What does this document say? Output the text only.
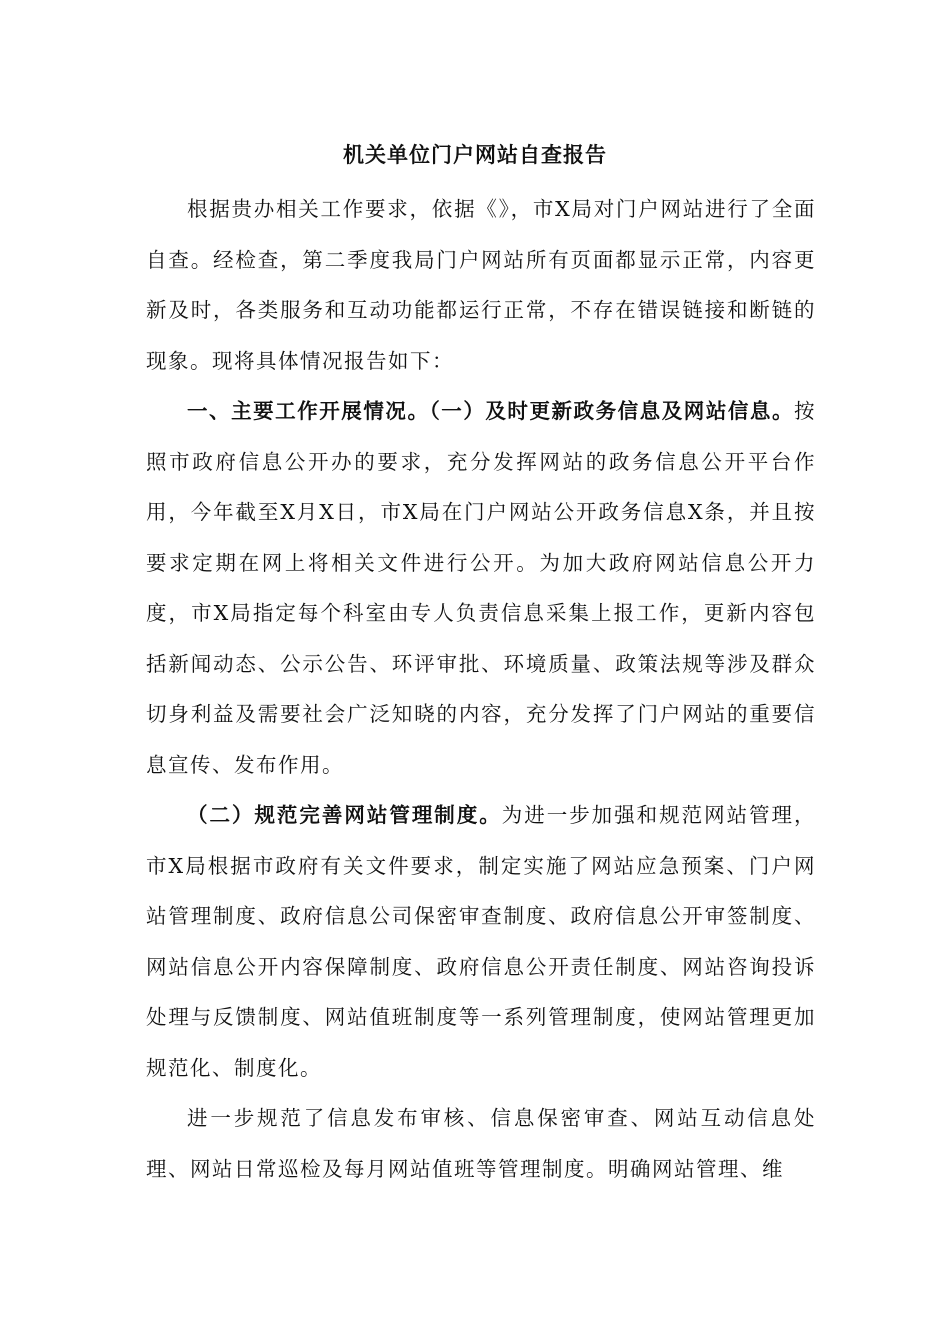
机关单位门户网站自查报告

根据贵办相关工作要求，依据《》，市X局对门户网站进行了全面自查。经检查，第二季度我局门户网站所有页面都显示正常，内容更新及时，各类服务和互动功能都运行正常，不存在错误链接和断链的现象。现将具体情况报告如下：

一、主要工作开展情况。（一）及时更新政务信息及网站信息。按照市政府信息公开办的要求，充分发挥网站的政务信息公开平台作用，今年截至X月X日，市X局在门户网站公开政务信息X条，并且按要求定期在网上将相关文件进行公开。为加大政府网站信息公开力度，市X局指定每个科室由专人负责信息采集上报工作，更新内容包括新闻动态、公示公告、环评审批、环境质量、政策法规等涉及群众切身利益及需要社会广泛知晓的内容，充分发挥了门户网站的重要信息宣传、发布作用。

（二）规范完善网站管理制度。为进一步加强和规范网站管理，市X局根据市政府有关文件要求，制定实施了网站应急预案、门户网站管理制度、政府信息公司保密审查制度、政府信息公开审签制度、网站信息公开内容保障制度、政府信息公开责任制度、网站咨询投诉处理与反馈制度、网站值班制度等一系列管理制度，使网站管理更加规范化、制度化。

进一步规范了信息发布审核、信息保密审查、网站互动信息处理、网站日常巡检及每月网站值班等管理制度。明确网站管理、维
